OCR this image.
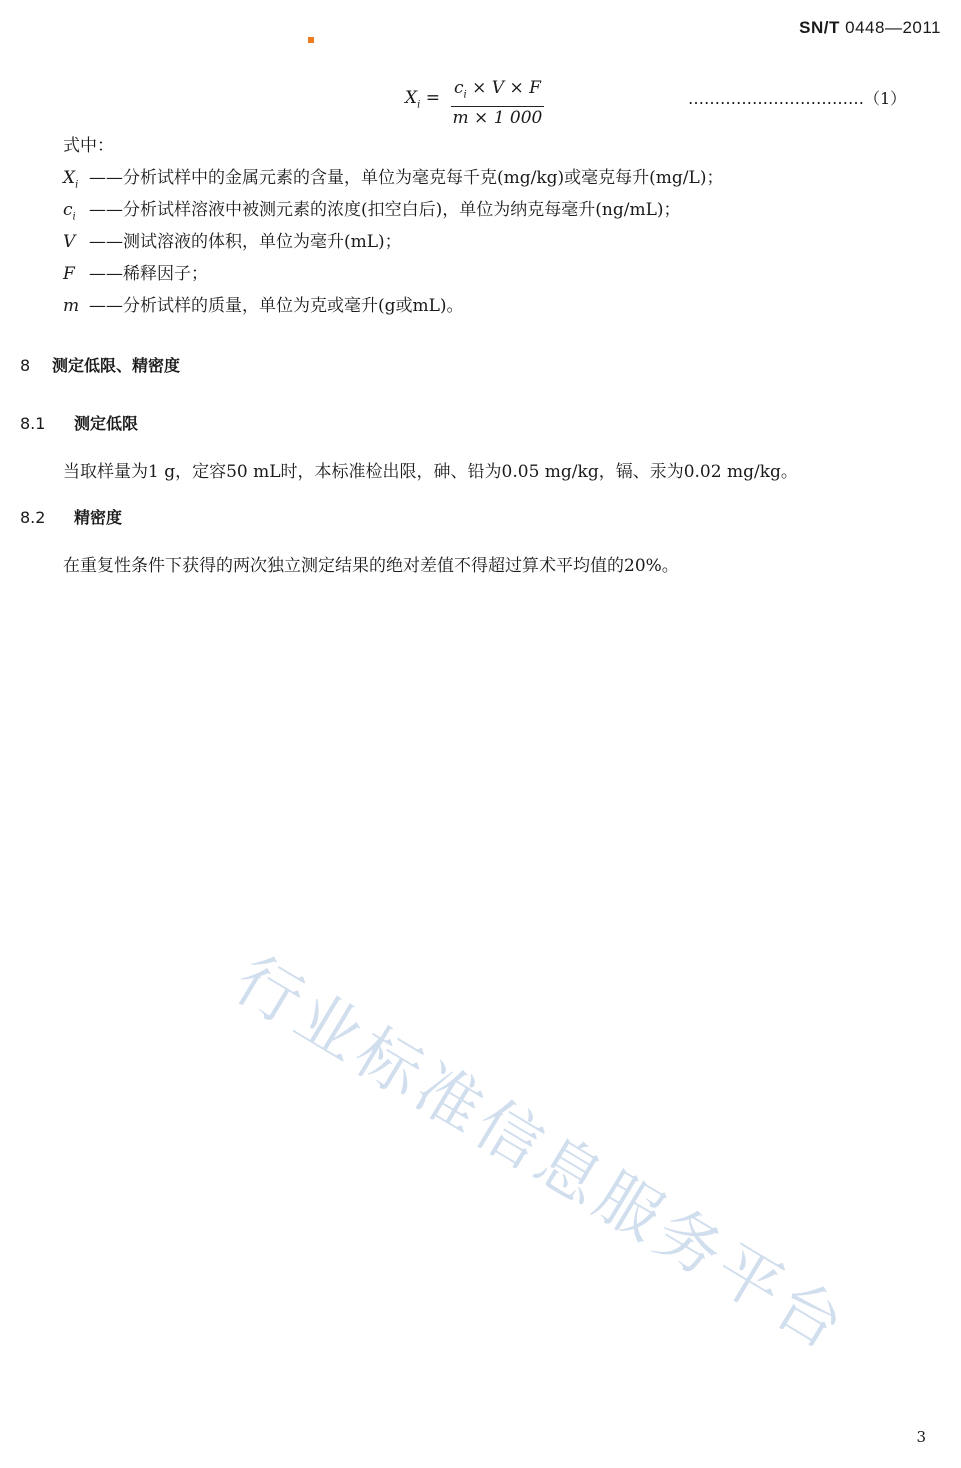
SN/T 0448—2011
$X_i = \frac{c_i \times V \times F}{m \times 1 000}$	……………………………（1）
式中：
$X_i$ ——分析试样中的金属元素的含量，单位为毫克每千克(mg/kg)或毫克每升(mg/L)；
$c_i$ ——分析试样溶液中被测元素的浓度(扣空白后)，单位为纳克每毫升(ng/mL)；
V ——测试溶液的体积，单位为毫升(mL)；
F ——稀释因子；
m ——分析试样的质量，单位为克或毫升(g或mL)。
8 测定低限、精密度
8.1 测定低限
当取样量为1 g，定容50 mL时，本标准检出限，砷、铅为0.05 mg/kg，镉、汞为0.02 mg/kg。
8.2 精密度
在重复性条件下获得的两次独立测定结果的绝对差值不得超过算术平均值的20%。
行业标准信息服务平台
3
